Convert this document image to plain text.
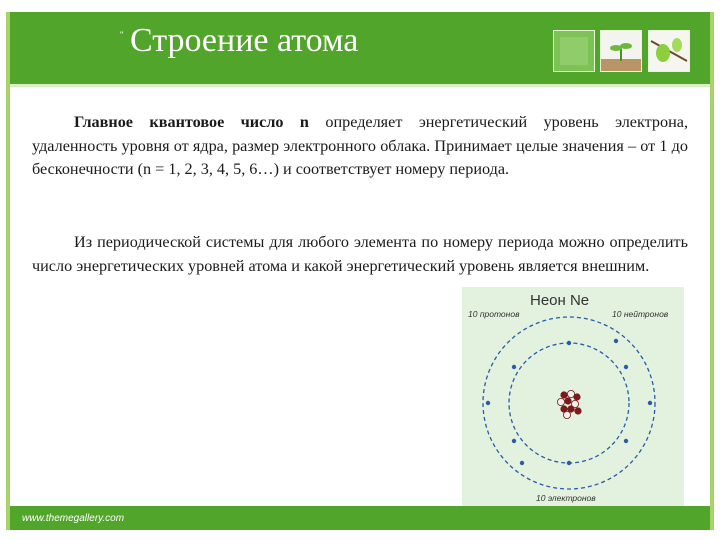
" Строение атома

Главное квантовое число n определяет энергетический уровень электрона, удаленность уровня от ядра, размер электронного облака. Принимает целые значения – от 1 до бесконечности (n = 1, 2, 3, 4, 5, 6…) и соответствует номеру периода.

Из периодической системы для любого элемента по номеру периода можно определить число энергетических уровней атома и какой энергетический уровень является внешним.

Неон Ne
10 протонов	10 нейтронов
10 электронов
www.themegallery.com
